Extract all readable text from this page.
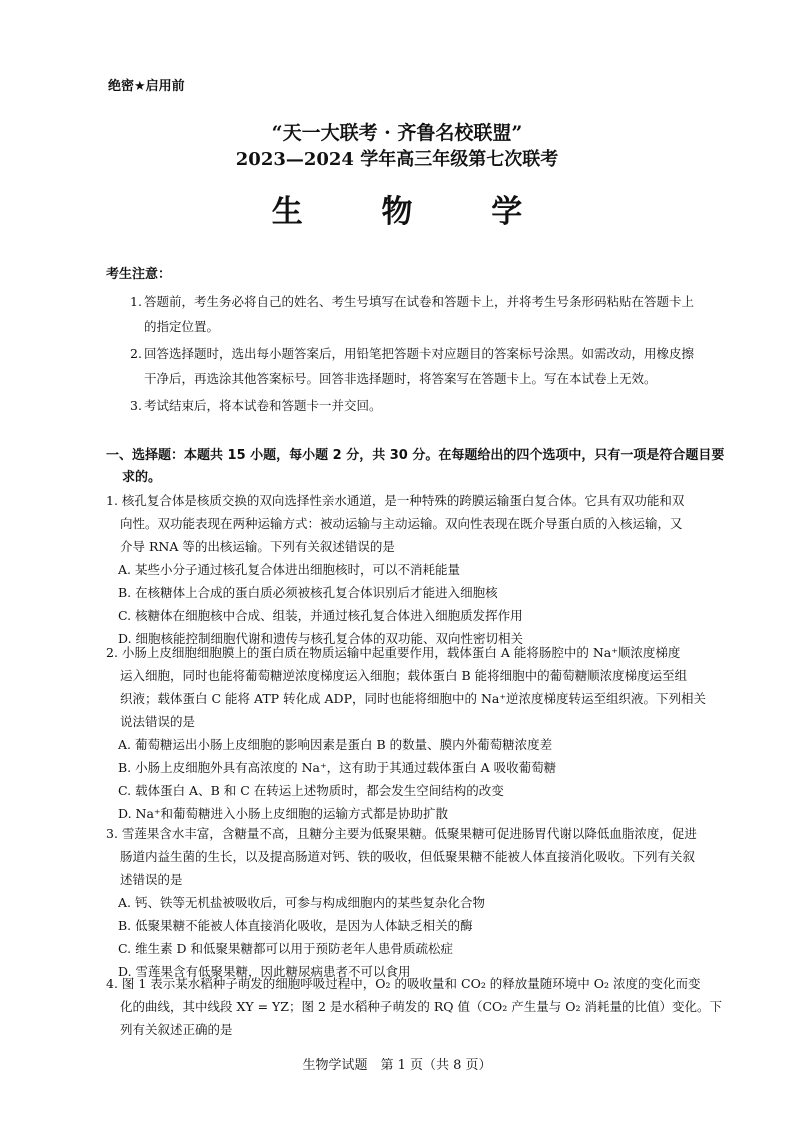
绝密★启用前
“天一大联考 · 齐鲁名校联盟”
2023—2024 学年高三年级第七次联考
生 物 学
考生注意：
1. 答题前，考生务必将自己的姓名、考生号填写在试卷和答题卡上，并将考生号条形码粘贴在答题卡上
的指定位置。
2. 回答选择题时，选出每小题答案后，用铅笔把答题卡对应题目的答案标号涂黑。如需改动，用橡皮擦
干净后，再选涂其他答案标号。回答非选择题时，将答案写在答题卡上。写在本试卷上无效。
3. 考试结束后，将本试卷和答题卡一并交回。
一、选择题：本题共 15 小题，每小题 2 分，共 30 分。在每题给出的四个选项中，只有一项是符合题目要
求的。
1. 核孔复合体是核质交换的双向选择性亲水通道，是一种特殊的跨膜运输蛋白复合体。它具有双功能和双
向性。双功能表现在两种运输方式：被动运输与主动运输。双向性表现在既介导蛋白质的入核运输，又
介导 RNA 等的出核运输。下列有关叙述错误的是
A. 某些小分子通过核孔复合体进出细胞核时，可以不消耗能量
B. 在核糖体上合成的蛋白质必须被核孔复合体识别后才能进入细胞核
C. 核糖体在细胞核中合成、组装，并通过核孔复合体进入细胞质发挥作用
D. 细胞核能控制细胞代谢和遗传与核孔复合体的双功能、双向性密切相关
2. 小肠上皮细胞细胞膜上的蛋白质在物质运输中起重要作用，载体蛋白 A 能将肠腔中的 Na⁺顺浓度梯度
运入细胞，同时也能将葡萄糖逆浓度梯度运入细胞；载体蛋白 B 能将细胞中的葡萄糖顺浓度梯度运至组
织液；载体蛋白 C 能将 ATP 转化成 ADP，同时也能将细胞中的 Na⁺逆浓度梯度转运至组织液。下列相关
说法错误的是
A. 葡萄糖运出小肠上皮细胞的影响因素是蛋白 B 的数量、膜内外葡萄糖浓度差
B. 小肠上皮细胞外具有高浓度的 Na⁺，这有助于其通过载体蛋白 A 吸收葡萄糖
C. 载体蛋白 A、B 和 C 在转运上述物质时，都会发生空间结构的改变
D. Na⁺和葡萄糖进入小肠上皮细胞的运输方式都是协助扩散
3. 雪莲果含水丰富，含糖量不高，且糖分主要为低聚果糖。低聚果糖可促进肠胃代谢以降低血脂浓度，促进
肠道内益生菌的生长，以及提高肠道对钙、铁的吸收，但低聚果糖不能被人体直接消化吸收。下列有关叙
述错误的是
A. 钙、铁等无机盐被吸收后，可参与构成细胞内的某些复杂化合物
B. 低聚果糖不能被人体直接消化吸收，是因为人体缺乏相关的酶
C. 维生素 D 和低聚果糖都可以用于预防老年人患骨质疏松症
D. 雪莲果含有低聚果糖，因此糖尿病患者不可以食用
4. 图 1 表示某水稻种子萌发的细胞呼吸过程中，O₂ 的吸收量和 CO₂ 的释放量随环境中 O₂ 浓度的变化而变
化的曲线，其中线段 XY = YZ；图 2 是水稻种子萌发的 RQ 值（CO₂ 产生量与 O₂ 消耗量的比值）变化。下
列有关叙述正确的是
生物学试题　第 1 页（共 8 页）
